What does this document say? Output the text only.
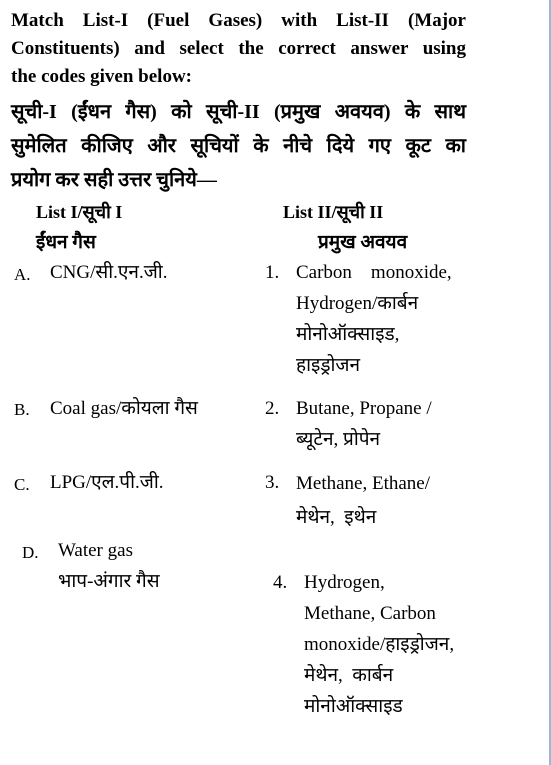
Match List-I (Fuel Gases) with List-II (Major
Constituents) and select the correct answer using
the codes given below:
सूची-I (ईंधन गैस) को सूची-II (प्रमुख अवयव) के साथ
सुमेलित कीजिए और सूचियों के नीचे दिये गए कूट का
प्रयोग कर सही उत्तर चुनिये—
List I/सूची I
ईंधन गैस
List II/सूची II
प्रमुख अवयव
A. CNG/सी.एन.जी.
B. Coal gas/कोयला गैस
C. LPG/एल.पी.जी.
D. Water gas
भाप-अंगार गैस
1. Carbon    monoxide,
Hydrogen/कार्बन
मोनोऑक्साइड,
हाइड्रोजन
2. Butane, Propane /
ब्यूटेन, प्रोपेन
3. Methane, Ethane/
मेथेन,  इथेन
4. Hydrogen,
Methane, Carbon
monoxide/हाइड्रोजन,
मेथेन,  कार्बन
मोनोऑक्साइड
